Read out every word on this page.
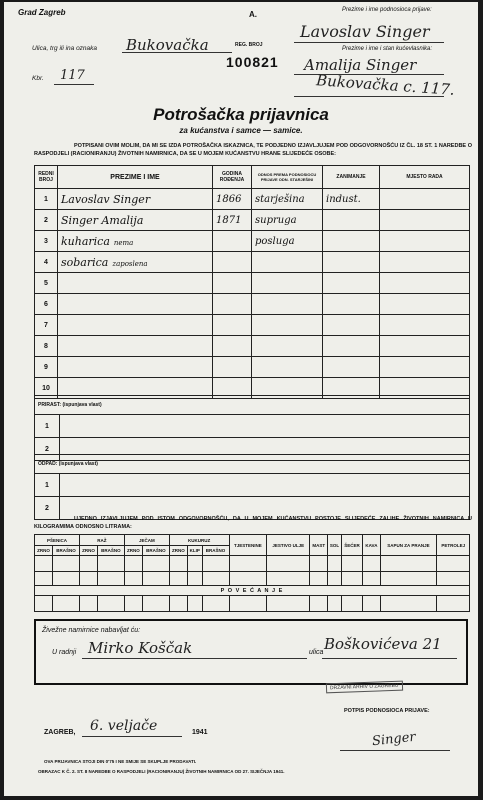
Grad Zagreb
Ulica, trg ili ina oznaka Bukovačka
Kbr. 117
A.
REG. BROJ
100821
Prezime i ime podnosioca prijave:
Lavoslav Singer
Prezime i ime i stan kućevlasnika:
Amalija Singer
Bukovačka c. 117.
Potrošačka prijavnica
za kućanstva i samce — samice.
POTPISANI OVIM MOLIM, DA MI SE IZDA POTROŠAČKA ISKAZNICA, TE PODJEDNO IZJAVLJUJEM POD ODGOVORNOŠĆU IZ ČL. 18 ST. 1 NAREDBE O RASPODJELI (RACIONIRANJU) ŽIVOTNIH NAMIRNICA, DA SE U MOJEM KUĆANSTVU HRANE SLIJEDEĆE OSOBE:
REDNI BROJ	PREZIME I IME	GODINA ROĐENJA	ODNOS PREMA PODNOSIOCU PRIJAVE ODN. STARJEŠINI	ZANIMANJE	MJESTO RADA
1	Lavoslav Singer	1866	starješina	indust.	
2	Singer Amalija	1871	supruga		
3	kuharica nema		posluga		
4	sobarica zaposlena				
5					
6					
7					
8					
9					
10					
PRIRAST: (ispunjava vlast)	
1	
2	
ODPAD: (ispunjava vlast)	
1	
2	
UJEDNO IZJAVLJUJEM POD ISTOM ODGOVORNOŠĆU, DA U MOJEM KUĆANSTVU POSTOJE SLIJEDEĆE ZALIHE ŽIVOTNIH NAMIRNICA U KILOGRAMIMA ODNOSNO LITRAMA:
PŠENICA		RAŽ		JEČAM		KUKURUZ			TJESTENINE	JESTIVO ULJE	MAST	SOL	ŠEĆER	KAVA	SAPUN ZA PRANJE	PETROLEJ
ZRNO	BRAŠNO	ZRNO	BRAŠNO	ZRNO	BRAŠNO	ZRNO	KLIP	BRAŠNO								

P O V E Ć A N J E																

Živežne namirnice nabavljat ću:
U radnji Mirko Koščak	ulica Boškovićeva 21
DRŽAVNI ARHIV U ZAGREBU
ZAGREB, 6. veljače	1941
POTPIS PODNOSIOCA PRIJAVE:
Singer
OVA PRIJAVNICA STOJI DIN 0'75 I NE SMIJE SE SKUPLJE PRODAVATI.
OBRAZAC K Č. 2. ST. 8 NAREDBE O RASPODJELI (RACIONIRANJU) ŽIVOTNIH NAMIRNICA OD 27. SIJEČNJA 1941.
